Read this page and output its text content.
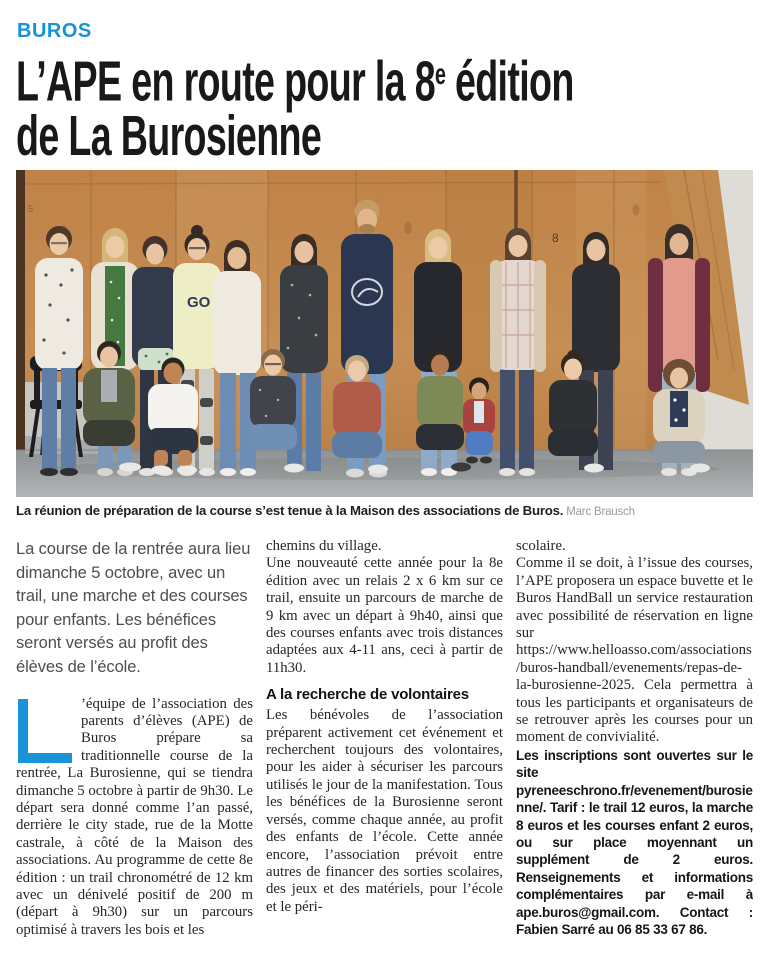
BUROS
L’APE en route pour la 8e édition
de La Burosienne
5
8
GO

La réunion de préparation de la course s’est tenue à la Maison des associations de Buros. Marc Brausch

La course de la rentrée aura lieu dimanche 5 octobre, avec un trail, une marche et des courses pour enfants. Les bénéfices seront versés au profit des élèves de l’école.

’équipe de l’association des parents d’élèves (APE) de Buros prépare sa traditionnelle course de la rentrée, La Burosienne, qui se tiendra dimanche 5 octobre à partir de 9h30. Le départ sera donné comme l’an passé, derrière le city stade, rue de la Motte castrale, à côté de la Maison des associations. Au programme de cette 8e édition : un trail chronométré de 12 km avec un dénivelé positif de 200 m (départ à 9h30) sur un parcours optimisé à travers les bois et les

chemins du village.

Une nouveauté cette année pour la 8e édition avec un relais 2 x 6 km sur ce trail, ensuite un parcours de marche de 9 km avec un départ à 9h40, ainsi que des courses enfants avec trois distances adaptées aux 4-11 ans, ceci à partir de 11h30.

A la recherche de volontaires

Les bénévoles de l’association préparent activement cet événement et recherchent toujours des volontaires, pour les aider à sécuriser les parcours utilisés le jour de la manifestation. Tous les bénéfices de la Burosienne seront versés, comme chaque année, au profit des enfants de l’école. Cette année encore, l’association prévoit entre autres de financer des sorties scolaires, des jeux et des matériels, pour l’école et le péri-

scolaire.

Comme il se doit, à l’issue des courses, l’APE proposera un espace buvette et le Buros HandBall un service restauration avec possibilité de réservation en ligne sur https://www.helloasso.com/associations/buros-handball/evenements/repas-de-la-burosienne-2025. Cela permettra à tous les participants et organisateurs de se retrouver après les courses pour un moment de convivialité.

Les inscriptions sont ouvertes sur le site pyreneeschrono.fr/evenement/burosienne/. Tarif : le trail 12 euros, la marche 8 euros et les courses enfant 2 euros, ou sur place moyennant un supplément de 2 euros. Renseignements et informations complémentaires par e-mail à ape.buros@gmail.com. Contact : Fabien Sarré au 06 85 33 67 86.
